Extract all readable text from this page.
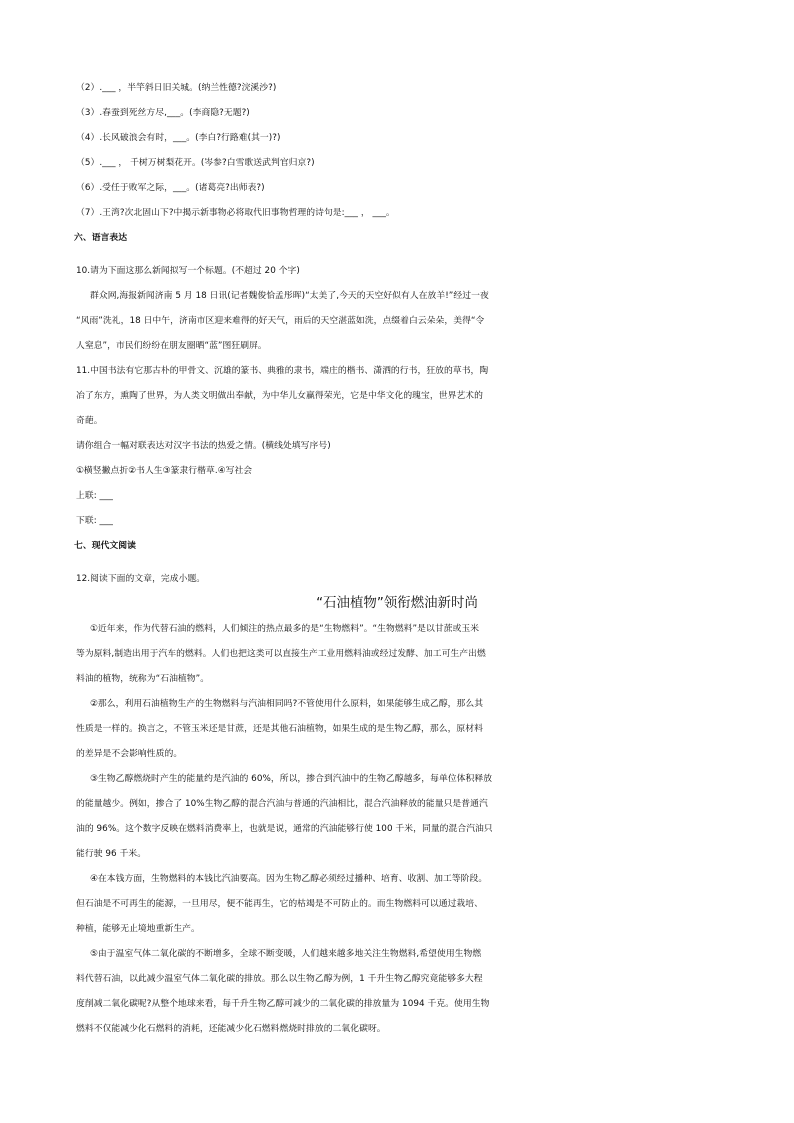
（2）.___ ，半竿斜日旧关城。(纳兰性德?浣溪沙?)
（3）.春蚕到死丝方尽,___。(李商隐?无题?)
（4）.长风破浪会有时，___。(李白?行路难(其一)?)
（5）.___ ， 千树万树梨花开。(岑参?白雪歌送武判官归京?)
（6）.受任于败军之际，___。(诸葛亮?出师表?)
（7）.王湾?次北固山下?中揭示新事物必将取代旧事物哲理的诗句是:___ ， ___。
六、语言表达
10.请为下面这那么新闻拟写一个标题。(不超过 20 个字)
群众网,海报新闻济南 5 月 18 日讯(记者魏俊恰孟彤晖)“太美了,今天的天空好似有人在放羊!”经过一夜
“风雨”洗礼，18 日中午，济南市区迎来难得的好天气，雨后的天空湛蓝如洗，点缀着白云朵朵，美得“令
人窒息”，市民们纷纷在朋友圈晒“蓝”图狂刷屏。
11.中国书法有它那古朴的甲骨文、沉雄的篆书、典雅的隶书，端庄的楷书、潇洒的行书，狂放的草书，陶
冶了东方，熏陶了世界，为人类文明做出奉献，为中华儿女赢得荣光，它是中华文化的瑰宝，世界艺术的
奇葩。
请你组合一幅对联表达对汉字书法的热爱之情。(横线处填写序号)
①横竖撇点折②书人生③篆隶行楷草.④写社会
上联: ___
下联: ___
七、现代文阅读
12.阅读下面的文章，完成小题。
“石油植物”领衔燃油新时尚
①近年来，作为代替石油的燃料，人们倾注的热点最多的是“生物燃料”。“生物燃料”是以甘蔗或玉米
等为原料,制造出用于汽车的燃料。人们也把这类可以直接生产工业用燃料油或经过发酵、加工可生产出燃
料油的植物，统称为“石油植物”。
②那么，利用石油植物生产的生物燃料与汽油相同吗?不管使用什么原料，如果能够生成乙醇，那么其
性质是一样的。换言之，不管玉米还是甘蔗，还是其他石油植物，如果生成的是生物乙醇，那么，原材料
的差异是不会影响性质的。
③生物乙醇燃烧时产生的能量约是汽油的 60%，所以，掺合到汽油中的生物乙醇越多，每单位体积释放
的能量越少。例如，掺合了 10%生物乙醇的混合汽油与普通的汽油相比，混合汽油释放的能量只是普通汽
油的 96%。这个数字反映在燃料消费率上，也就是说，通常的汽油能够行使 100 千米，同量的混合汽油只
能行驶 96 千米。
④在本钱方面，生物燃料的本钱比汽油要高。因为生物乙醇必须经过播种、培育、收割、加工等阶段。
但石油是不可再生的能源，一旦用尽，便不能再生，它的枯竭是不可防止的。而生物燃料可以通过栽培、
种植，能够无止境地重新生产。
⑤由于温室气体二氧化碳的不断增多，全球不断变暖，人们越来越多地关注生物燃料,希望使用生物燃
料代替石油，以此减少温室气体二氧化碳的排放。那么以生物乙醇为例，1 千升生物乙醇究竟能够多大程
度削减二氧化碳呢?从整个地球来看，每千升生物乙醇可减少的二氧化碳的排放量为 1094 千克。使用生物
燃料不仅能减少化石燃料的消耗，还能减少化石燃料燃烧时排放的二氧化碳呀。
